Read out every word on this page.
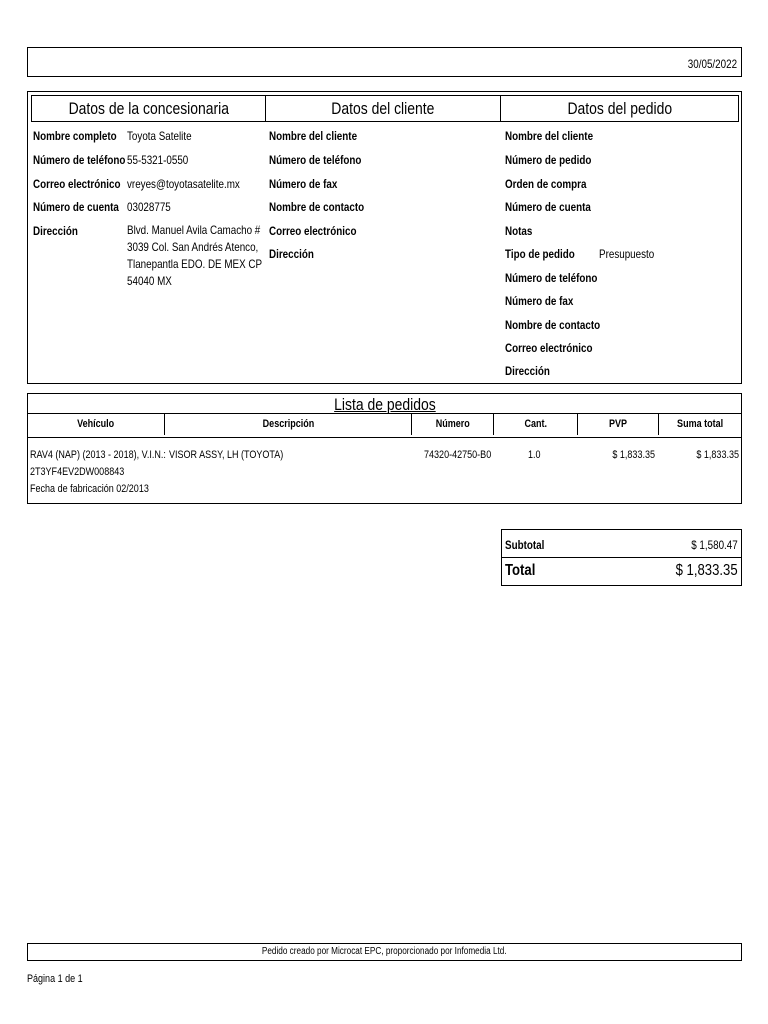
30/05/2022
Datos de la concesionaria	Datos del cliente	Datos del pedido
Nombre completo Toyota Satelite
Número de teléfono 55-5321-0550
Correo electrónico vreyes@toyotasatelite.mx
Número de cuenta 03028775
Dirección	Blvd. Manuel Avila Camacho #
3039 Col. San Andrés Atenco,
Tlanepantla EDO. DE MEX CP
54040 MX
Nombre del cliente
Número de teléfono
Número de fax
Nombre de contacto
Correo electrónico
Dirección
Nombre del cliente
Número de pedido
Orden de compra
Número de cuenta
Notas
Tipo de pedido	Presupuesto
Número de teléfono
Número de fax
Nombre de contacto
Correo electrónico
Dirección
Lista de pedidos
Vehículo	Descripción	Número	Cant.	PVP	Suma total
RAV4 (NAP) (2013 - 2018), V.I.N.:
2T3YF4EV2DW008843
Fecha de fabricación 02/2013
VISOR ASSY, LH (TOYOTA)	74320-42750-B0	1.0	$ 1,833.35	$ 1,833.35
Subtotal	$ 1,580.47
Total	$ 1,833.35
Pedido creado por Microcat EPC, proporcionado por Infomedia Ltd.
Página 1 de 1
